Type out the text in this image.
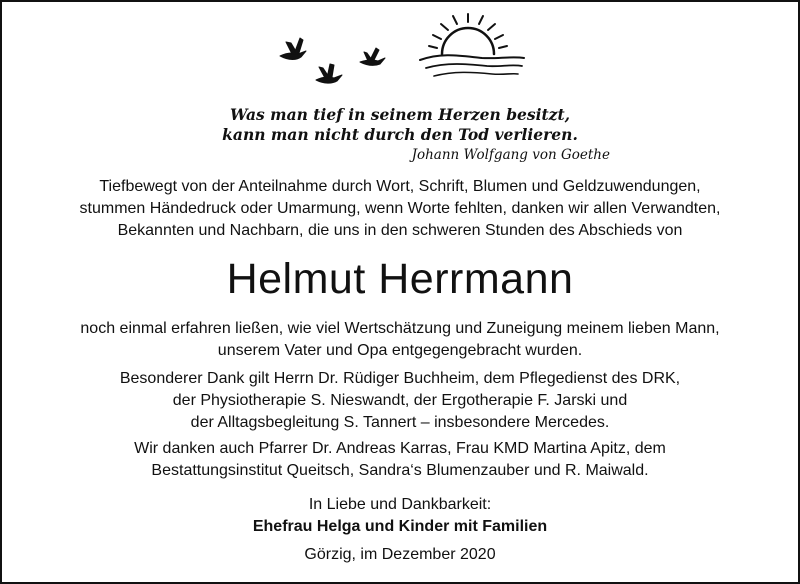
Was man tief in seinem Herzen besitzt,
kann man nicht durch den Tod verlieren.
Johann Wolfgang von Goethe
Tiefbewegt von der Anteilnahme durch Wort, Schrift, Blumen und Geldzuwendungen,
stummen Händedruck oder Umarmung, wenn Worte fehlten, danken wir allen Verwandten,
Bekannten und Nachbarn, die uns in den schweren Stunden des Abschieds von
Helmut Herrmann
noch einmal erfahren ließen, wie viel Wertschätzung und Zuneigung meinem lieben Mann,
unserem Vater und Opa entgegengebracht wurden.
Besonderer Dank gilt Herrn Dr. Rüdiger Buchheim, dem Pflegedienst des DRK,
der Physiotherapie S. Nieswandt, der Ergotherapie F. Jarski und
der Alltagsbegleitung S. Tannert – insbesondere Mercedes.
Wir danken auch Pfarrer Dr. Andreas Karras, Frau KMD Martina Apitz, dem
Bestattungsinstitut Queitsch, Sandra‘s Blumenzauber und R. Maiwald.
In Liebe und Dankbarkeit:
Ehefrau Helga und Kinder mit Familien
Görzig, im Dezember 2020
